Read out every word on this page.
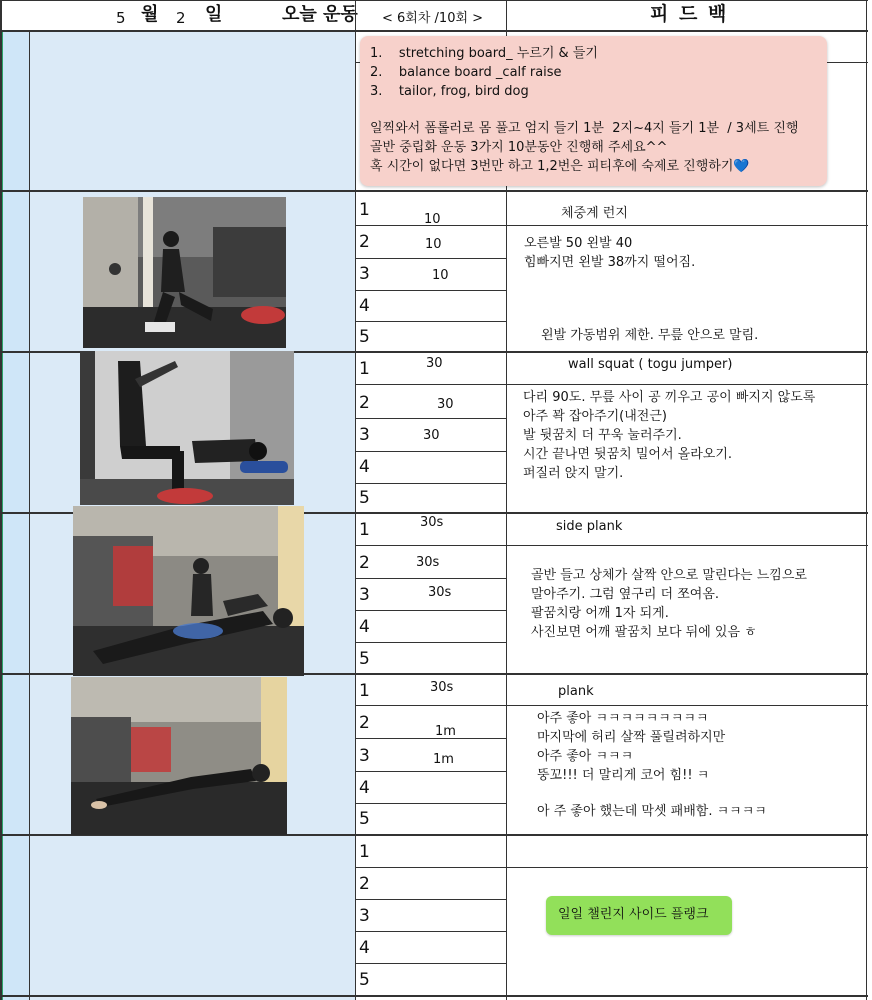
5 월 2 일	오늘 운동 < 6회차 /10회 >	피 드 백
1.    stretching board_ 누르기 & 들기
2.    balance board _calf raise
3.    tailor, frog, bird dog
일찍와서 폼롤러로 몸 풀고 엄지 들기 1분  2지~4지 들기 1분  / 3세트 진행
골반 중립화 운동 3가지 10분동안 진행해 주세요^^
혹 시간이 없다면 3번만 하고 1,2번은 피티후에 숙제로 진행하기💙
체중계 런지
오른발 50 왼발 40
힘빠지면 왼발 38까지 떨어짐.
왼발 가동범위 제한. 무릎 안으로 말림.
wall squat ( togu jumper)
다리 90도. 무릎 사이 공 끼우고 공이 빠지지 않도록
아주 꽉 잡아주기(내전근)
발 뒷꿈치 더 꾸욱 눌러주기.
시간 끝나면 뒷꿈치 밀어서 올라오기.
퍼질러 앉지 말기.
side plank
골반 들고 상체가 살짝 안으로 말린다는 느낌으로
말아주기. 그럼 옆구리 더 쪼여옴.
팔꿈치랑 어깨 1자 되게.
사진보면 어깨 팔꿈치 보다 뒤에 있음 ㅎ
plank
아주 좋아 ㅋㅋㅋㅋㅋㅋㅋㅋㅋ
마지막에 허리 살짝 풀릴려하지만
아주 좋아 ㅋㅋㅋ
뚱꼬!!! 더 말리게 코어 힘!! ㅋ
아 주 좋아 했는데 막셋 패배함. ㅋㅋㅋㅋ
일일 챌린지 사이드 플랭크
1
2
3
4
5
1
2
3
4
5
1
2
3
4
5
1
2
3
4
5
1
2
3
4
5
10
10
10
30
30
30
30s
30s
30s
30s
1m
1m
